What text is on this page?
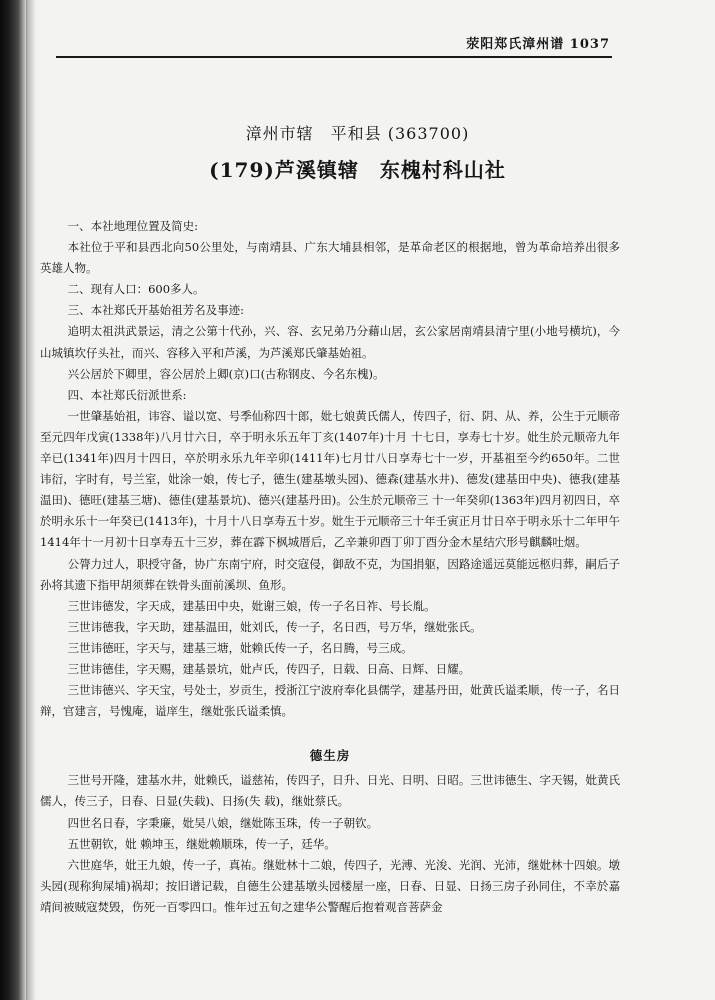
荥阳郑氏漳州谱 1037
漳州市辖　平和县 (363700)
(179)芦溪镇辖　东槐村科山社

一、本社地理位置及简史:

本社位于平和县西北向50公里处，与南靖县、广东大埔县相邻，是革命老区的根据地，曾为革命培养出很多英雄人物。

二、现有人口：600多人。

三、本社郑氏开基始祖芳名及事迹:

追明太祖洪武景运，清之公第十代孙，兴、容、玄兄弟乃分藉山居，玄公家居南靖县清宁里(小地号横坑)，今山城镇坎仔头社，而兴、容移入平和芦溪，为芦溪郑氏肇基始祖。

兴公居於下卿里，容公居於上卿(京)口(古称钢皮、今名东槐)。

四、本社郑氏衍派世系:

一世肇基始祖，讳容、谥以宽、号季仙称四十郎，妣七娘黄氏儒人，传四子，衍、阴、从、养，公生于元顺帝至元四年戊寅(1338年)八月廿六日，卒于明永乐五年丁亥(1407年)十月 十七日，享寿七十岁。妣生於元顺帝九年辛已(1341年)四月十四日，卒於明永乐九年辛卯(1411年)七月廿八日享寿七十一岁，开基祖至今约650年。二世讳衍，字时有，号兰室，妣涂一娘，传七子，德生(建基墩头园)、德森(建基水井)、德发(建基田中央)、德我(建基温田)、德旺(建基三塘)、德佳(建基景坑)、德兴(建基丹田)。公生於元顺帝三 十一年癸卯(1363年)四月初四日，卒於明永乐十一年癸已(1413年)，十月十八日享寿五十岁。妣生于元顺帝三十年壬寅正月廿日卒于明永乐十二年甲午 1414年十一月初十日享寿五十三岁，葬在霹下枫城厝后，乙辛兼卯酉丁卯丁酉分金木星结穴形号麒麟吐烟。

公膂力过人，职授守备，协广东南宁府，时交寇侵，御敌不克，为国捐躯，因路途遥远莫能远柩归葬，嗣后子孙将其遗下指甲胡须葬在铁骨头面前溪坝、鱼形。

三世讳德发，字天成，建基田中央，妣谢三娘，传一子名日祚、号长胤。

三世讳德我，字天助，建基温田，妣刘氏，传一子，名日西，号万华，继妣张氏。

三世讳德旺，字天与，建基三塘，妣赖氏传一子，名日腾，号三成。

三世讳德佳，字天赐，建基景坑，妣卢氏，传四子，日载、日高、日辉、日耀。

三世讳德兴、字天宝，号处士，岁贡生，授浙江宁波府奉化县儒学，建基丹田，妣黄氏谥柔顺，传一子，名日辩，官建言，号愧庵，谥庠生，继妣张氏谥柔慎。

德生房

三世号开隆，建基水井，妣赖氏，谥慈祐，传四子，日升、日光、日明、日昭。三世讳德生、字天锡，妣黄氏儒人，传三子，日春、日显(失载)、日扬(失 载)，继妣蔡氏。

四世名日春，字秉廉，妣吴八娘，继妣陈玉珠，传一子朝钦。

五世朝钦，妣 赖坤玉，继妣赖顺珠，传一子，廷华。

六世庭华，妣王九娘，传一子，真祐。继妣林十二娘，传四子，光溥、光浚、光润、光沛，继妣林十四娘。墩头园(现称狗屎埔)祸却；按旧谱记载，自德生公建基墩头园楼屋一座，日春、日显、日扬三房子孙同住，不幸於嘉靖间被贼寇焚毁，伤死一百零四口。惟年过五旬之建华公警醒后抱着观音菩萨金
